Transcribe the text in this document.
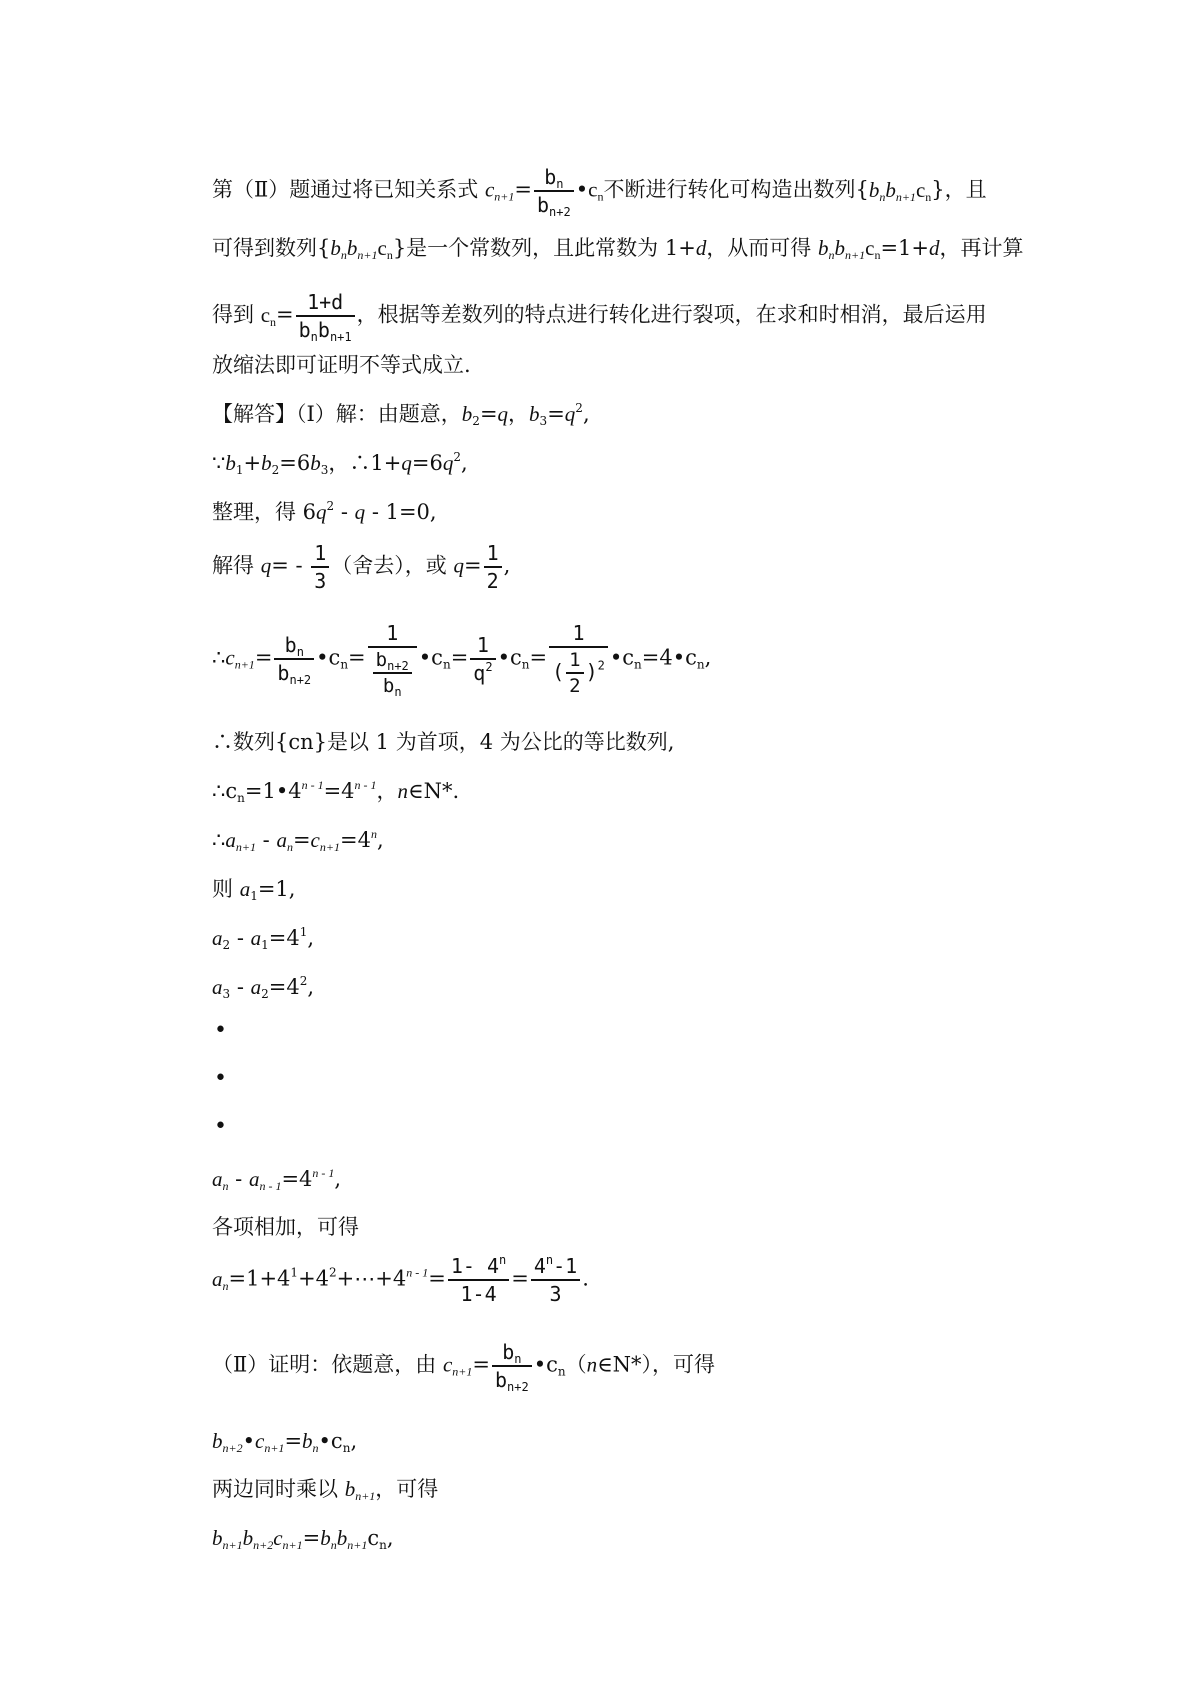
第（Ⅱ）题通过将已知关系式 $c_{n+1}= \frac{b_n}{b_{n+2}}$ $•c_n$不断进行转化可构造出数列$\{b_nb_{n+1}c_n\}$，且
可得到数列$\{b_nb_{n+1}c_n\}$是一个常数列，且此常数为 1+d，从而可得 $b_nb_{n+1}c_n=1+d$，再计算
得到 $c_n= \frac{1+d}{b_nb_{n+1}}$ ，根据等差数列的特点进行转化进行裂项，在求和时相消，最后运用
放缩法即可证明不等式成立.
【解答】（Ⅰ）解：由题意，$b_2=q$，$b_3=q^2$,
$\because b_1+b_2=6b_3$，$\therefore 1+q=6q^2$,
整理，得 $6q^2 - q - 1=0$,
解得 $q= - \frac{1}{3}$ （舍去），或 $q= \frac{1}{2}$ ,
$\therefore c_{n+1}= \frac{b_n}{b_{n+2}}$ $•c_n= \frac{1}{\frac{b_{n+2}}{b_n}}$ $•c_n= \frac{1}{q^2}$ $•c_n= \frac{1}{( \frac{1}{2} )^2}$ $•c_n=4•c_n$,
∴数列{cn}是以 1 为首项，4 为公比的等比数列,
$\therefore c_n=1•4^{n - 1}=4^{n - 1}$，n∈N*.
$\therefore a_{n+1} - a_n=c_{n+1}=4^n$,
则 $a_1=1$,
$a_2 - a_1=4^1$,
$a_3 - a_2=4^2$,
•
•
•
$a_n - a_{n - 1}=4^{n - 1}$,
各项相加，可得
$a_n=1+4^1+4^2+\cdots+4^{n - 1}= \frac{1- 4^n}{1-4} = \frac{4^n-1}{3}$ .
（Ⅱ）证明：依题意，由 $c_{n+1}= \frac{b_n}{b_{n+2}}$ $•c_n(n\in N*)$，可得
$b_{n+2}•c_{n+1}=b_n•c_n$,
两边同时乘以 $b_{n+1}$，可得
$b_{n+1}b_{n+2}c_{n+1}=b_nb_{n+1}c_n$,
